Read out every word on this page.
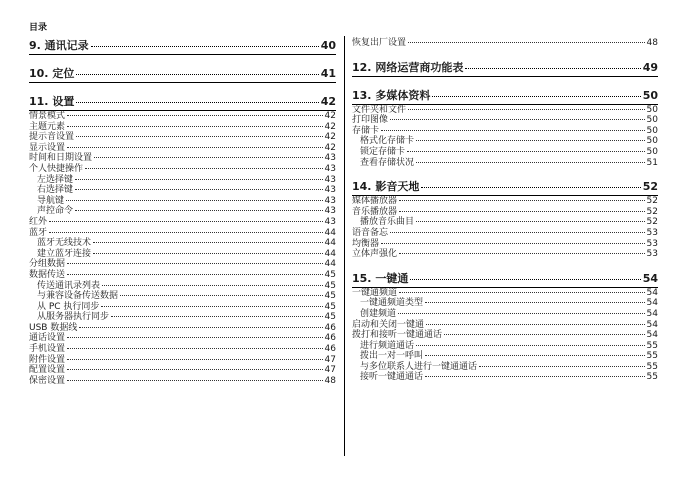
目录
9. 通讯记录	40
10. 定位	41
11. 设置	42
情景模式	42
主题元素	42
提示音设置	42
显示设置	42
时间和日期设置	43
个人快捷操作	43
左选择键	43
右选择键	43
导航键	43
声控命令	43
红外	43
蓝牙	44
蓝牙无线技术	44
建立蓝牙连接	44
分组数据	44
数据传送	45
传送通讯录列表	45
与兼容设备传送数据	45
从 PC 执行同步	45
从服务器执行同步	45
USB 数据线	46
通话设置	46
手机设置	46
附件设置	47
配置设置	47
保密设置	48
恢复出厂设置	48
12. 网络运营商功能表	49
13. 多媒体资料	50
文件夹和文件	50
打印图像	50
存储卡	50
格式化存储卡	50
锁定存储卡	50
查看存储状况	51
14. 影音天地	52
媒体播放器	52
音乐播放器	52
播放音乐曲目	52
语音备忘	53
均衡器	53
立体声强化	53
15. 一键通	54
一键通频道	54
一键通频道类型	54
创建频道	54
启动和关闭一键通	54
拨打和接听一键通通话	54
进行频道通话	55
拨出一对一呼叫	55
与多位联系人进行一键通通话	55
接听一键通通话	55
